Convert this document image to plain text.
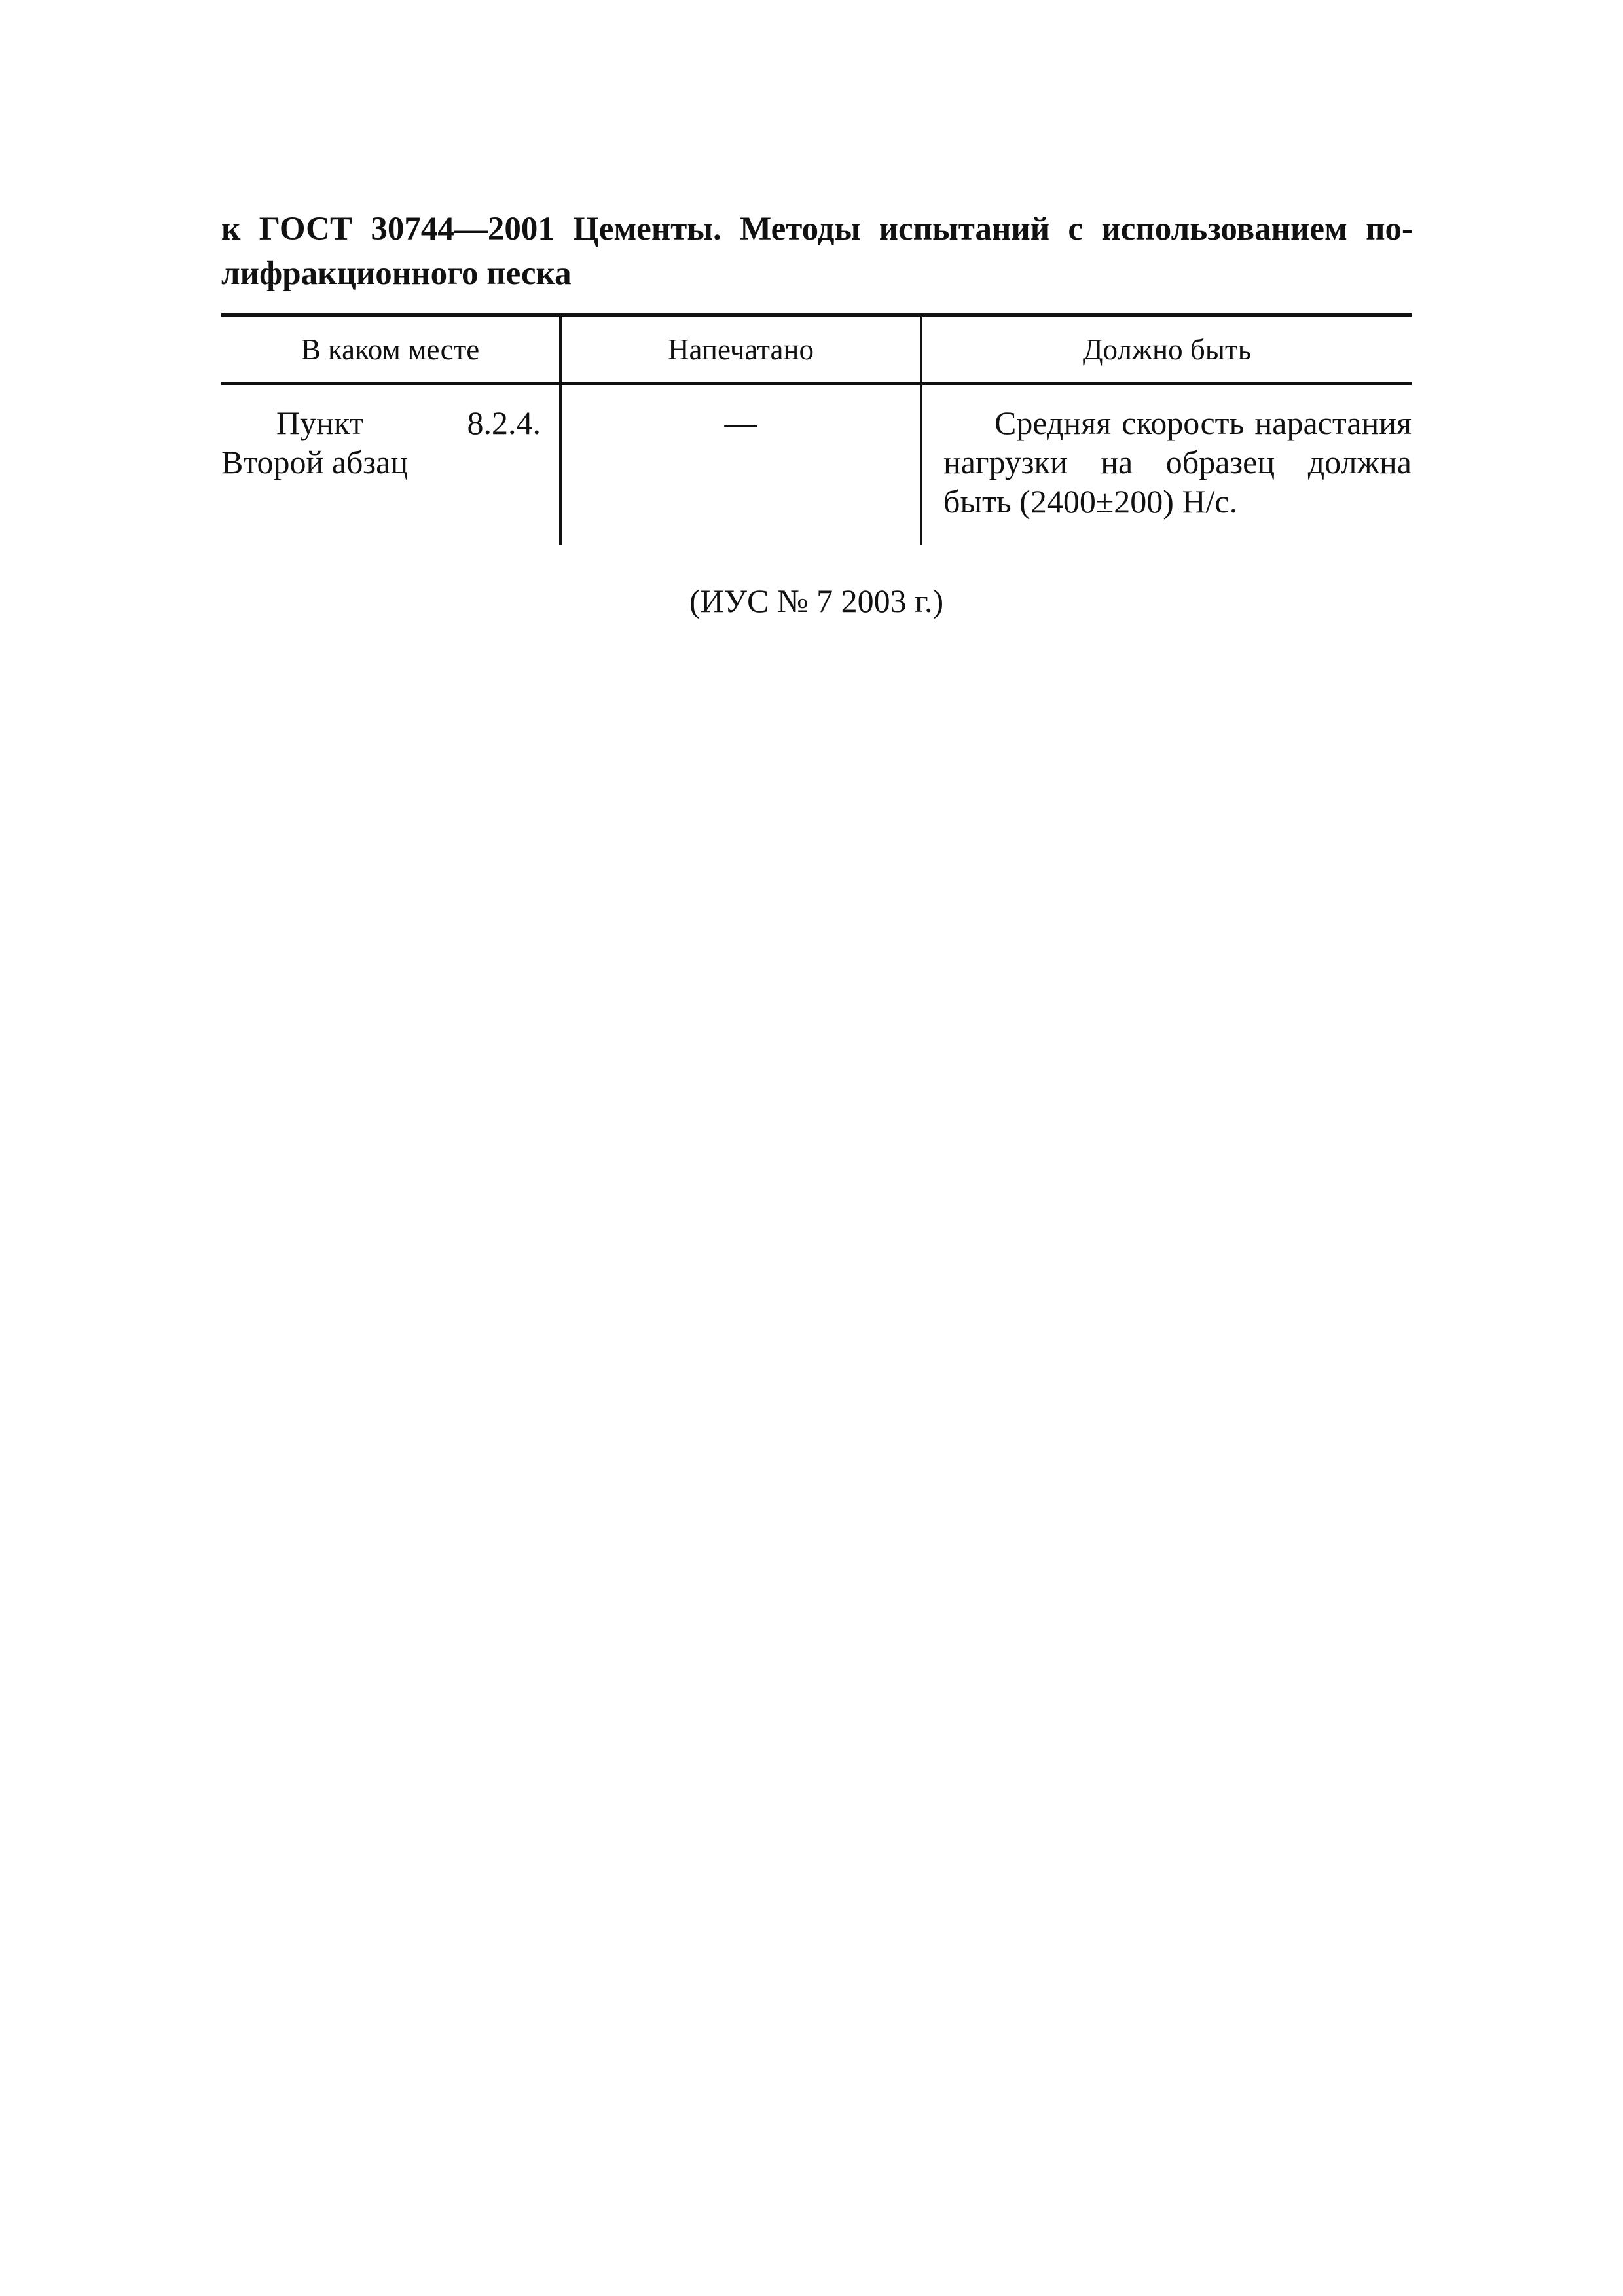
к ГОСТ 30744—2001 Цементы. Методы испытаний с использованием по-
лифракционного песка
В каком месте	Напечатано	Должно быть
Пункт 8.2.4. Второй абзац	—	Средняя скорость нарастания нагрузки на образец должна быть (2400±200) Н/с.

(ИУС № 7 2003 г.)
